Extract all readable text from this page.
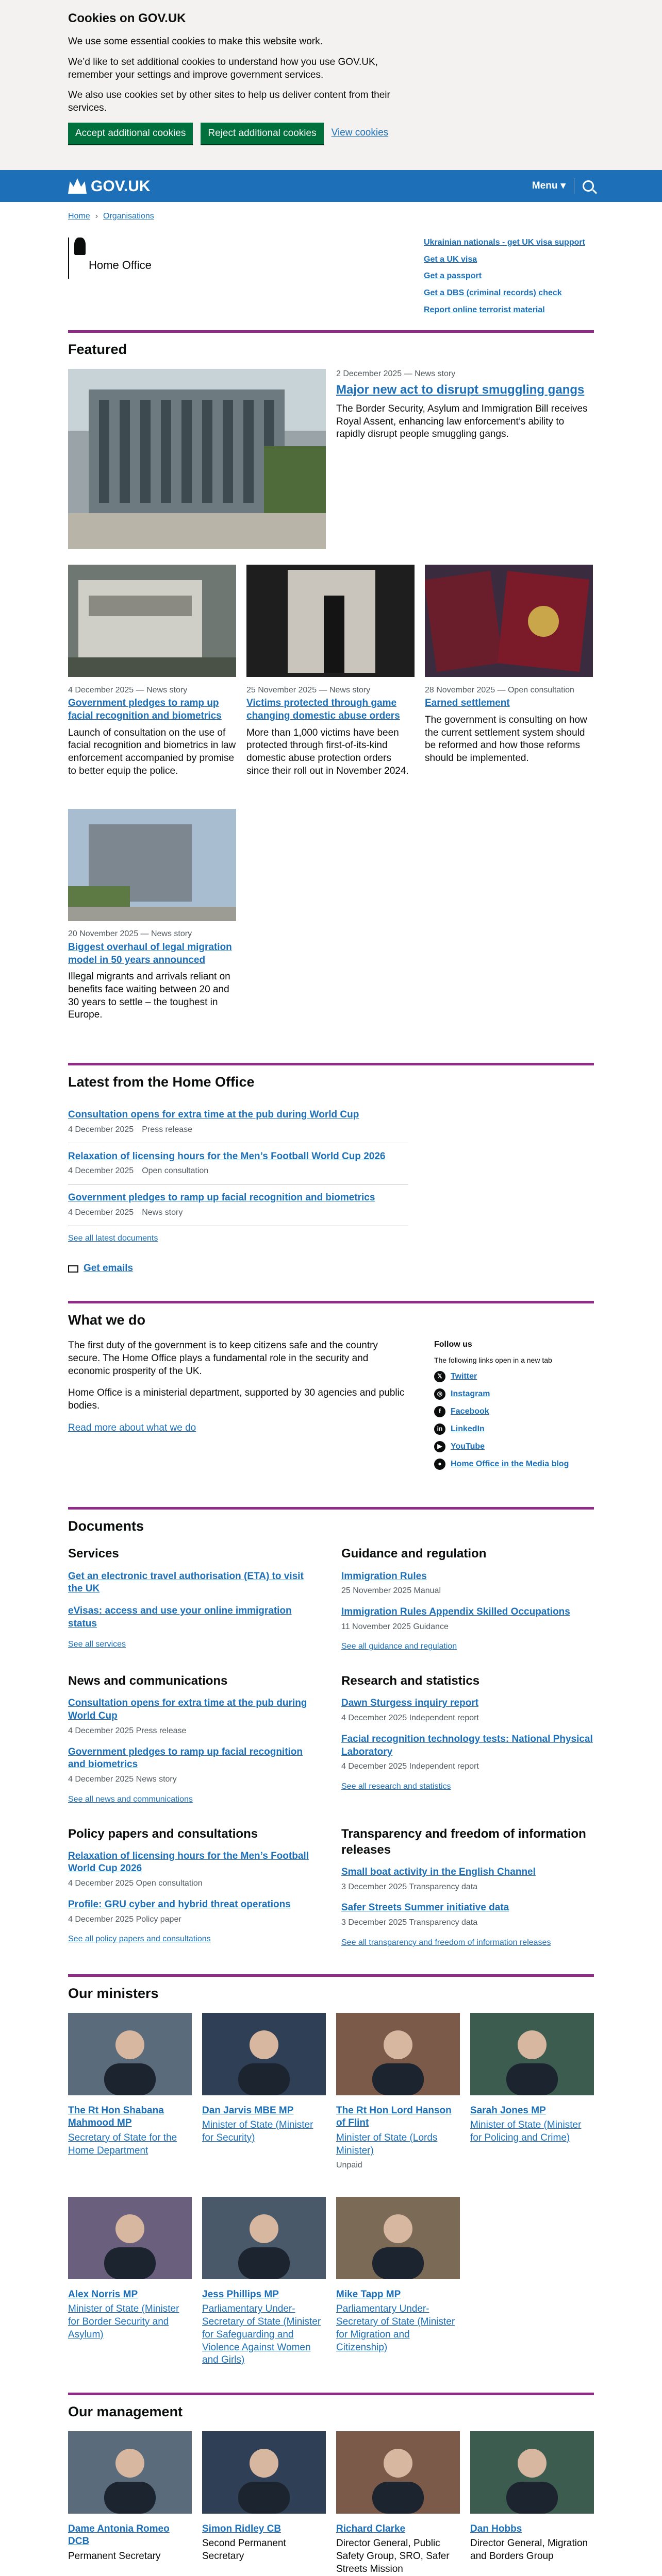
Cookies on GOV.UK

We use some essential cookies to make this website work.

We’d like to set additional cookies to understand how you use GOV.UK, remember your settings and improve government services.

We also use cookies set by other sites to help us deliver content from their services.

Accept additional cookies	Reject additional cookies	View cookies
GOV.UK	Menu ▾
Home › Organisations
Home Office
Ukrainian nationals - get UK visa support
Get a UK visa
Get a passport
Get a DBS (criminal records) check
Report online terrorist material
Featured
2 December 2025 — News story
Major new act to disrupt smuggling gangs

The Border Security, Asylum and Immigration Bill receives Royal Assent, enhancing law enforcement’s ability to rapidly disrupt people smuggling gangs.

4 December 2025 — News story
Government pledges to ramp up facial recognition and biometrics

Launch of consultation on the use of facial recognition and biometrics in law enforcement accompanied by promise to better equip the police.

25 November 2025 — News story
Victims protected through game changing domestic abuse orders

More than 1,000 victims have been protected through first-of-its-kind domestic abuse protection orders since their roll out in November 2024.

28 November 2025 — Open consultation
Earned settlement

The government is consulting on how the current settlement system should be reformed and how those reforms should be implemented.

20 November 2025 — News story
Biggest overhaul of legal migration model in 50 years announced

Illegal migrants and arrivals reliant on benefits face waiting between 20 and 30 years to settle – the toughest in Europe.

Latest from the Home Office
Consultation opens for extra time at the pub during World Cup
4 December 2025 Press release
Relaxation of licensing hours for the Men’s Football World Cup 2026
4 December 2025 Open consultation
Government pledges to ramp up facial recognition and biometrics
4 December 2025 News story
See all latest documents
Get emails
What we do

The first duty of the government is to keep citizens safe and the country secure. The Home Office plays a fundamental role in the security and economic prosperity of the UK.

Home Office is a ministerial department, supported by 30 agencies and public bodies.

Read more about what we do
Follow us

The following links open in a new tab

𝕏	Twitter
◎ Instagram
f	Facebook
in LinkedIn
▶	YouTube
●	Home Office in the Media blog
Documents
Services
Get an electronic travel authorisation (ETA) to visit the UK
eVisas: access and use your online immigration status
See all services
Guidance and regulation
Immigration Rules
25 November 2025 Manual
Immigration Rules Appendix Skilled Occupations
11 November 2025 Guidance
See all guidance and regulation
News and communications
Consultation opens for extra time at the pub during World Cup
4 December 2025 Press release
Government pledges to ramp up facial recognition and biometrics
4 December 2025 News story
See all news and communications
Research and statistics
Dawn Sturgess inquiry report
4 December 2025 Independent report
Facial recognition technology tests: National Physical Laboratory
4 December 2025 Independent report
See all research and statistics
Policy papers and consultations
Relaxation of licensing hours for the Men’s Football World Cup 2026
4 December 2025 Open consultation
Profile: GRU cyber and hybrid threat operations
4 December 2025 Policy paper
See all policy papers and consultations
Transparency and freedom of information releases
Small boat activity in the English Channel
3 December 2025 Transparency data
Safer Streets Summer initiative data
3 December 2025 Transparency data
See all transparency and freedom of information releases
Our ministers
The Rt Hon Shabana Mahmood MP
Secretary of State for the Home Department
Dan Jarvis MBE MP
Minister of State (Minister for Security)
The Rt Hon Lord Hanson of Flint
Minister of State (Lords Minister)
Unpaid
Sarah Jones MP
Minister of State (Minister for Policing and Crime)
Alex Norris MP
Minister of State (Minister for Border Security and Asylum)
Jess Phillips MP
Parliamentary Under-Secretary of State (Minister for Safeguarding and Violence Against Women and Girls)
Mike Tapp MP
Parliamentary Under-Secretary of State (Minister for Migration and Citizenship)
Our management
Dame Antonia Romeo DCB
Permanent Secretary
Simon Ridley CB
Second Permanent Secretary
Richard Clarke
Director General, Public Safety Group, SRO, Safer Streets Mission
Dan Hobbs
Director General, Migration and Borders Group
